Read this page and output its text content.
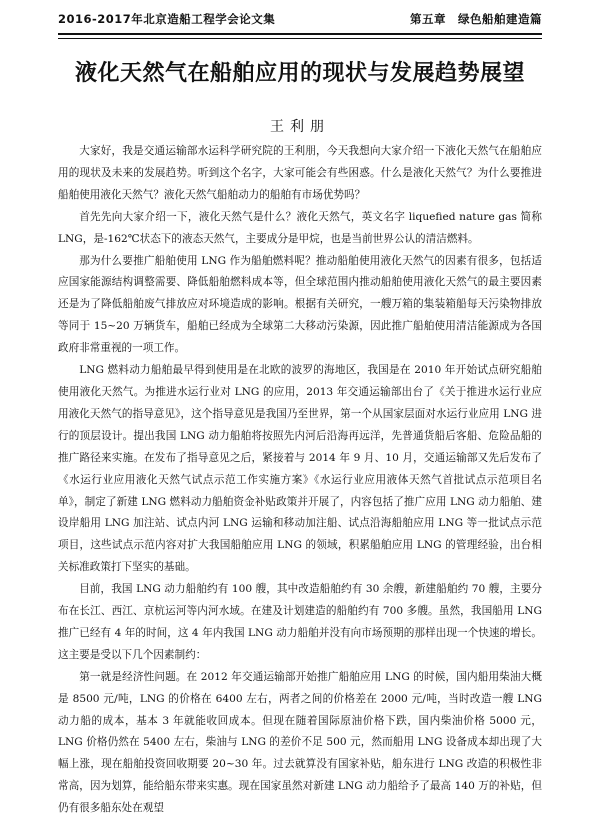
2016-2017年北京造船工程学会论文集	第五章　绿色船舶建造篇
液化天然气在船舶应用的现状与发展趋势展望
王利朋

大家好，我是交通运输部水运科学研究院的王利朋，今天我想向大家介绍一下液化天然气在船舶应用的现状及未来的发展趋势。听到这个名字，大家可能会有些困惑。什么是液化天然气？为什么要推进船舶使用液化天然气？液化天然气船舶动力的船舶有市场优势吗？

首先先向大家介绍一下，液化天然气是什么？液化天然气，英文名字 liquefied nature gas 简称 LNG，是-162℃状态下的液态天然气，主要成分是甲烷，也是当前世界公认的清洁燃料。

那为什么要推广船舶使用 LNG 作为船舶燃料呢？推动船舶使用液化天然气的因素有很多，包括适应国家能源结构调整需要、降低船舶燃料成本等，但全球范围内推动船舶使用液化天然气的最主要因素还是为了降低船舶废气排放应对环境造成的影响。根据有关研究，一艘万箱的集装箱船每天污染物排放等同于 15~20 万辆货车，船舶已经成为全球第二大移动污染源，因此推广船舶使用清洁能源成为各国政府非常重视的一项工作。

LNG 燃料动力船舶最早得到使用是在北欧的波罗的海地区，我国是在 2010 年开始试点研究船舶使用液化天然气。为推进水运行业对 LNG 的应用，2013 年交通运输部出台了《关于推进水运行业应用液化天然气的指导意见》，这个指导意见是我国乃至世界，第一个从国家层面对水运行业应用 LNG 进行的顶层设计。提出我国 LNG 动力船舶将按照先内河后沿海再远洋，先普通货船后客船、危险品船的推广路径来实施。在发布了指导意见之后，紧接着与 2014 年 9 月、10 月，交通运输部又先后发布了《水运行业应用液化天然气试点示范工作实施方案》《水运行业应用液体天然气首批试点示范项目名单》，制定了新建 LNG 燃料动力船舶资金补贴政策并开展了，内容包括了推广应用 LNG 动力船舶、建设岸船用 LNG 加注站、试点内河 LNG 运输和移动加注船、试点沿海船舶应用 LNG 等一批试点示范项目，这些试点示范内容对扩大我国船舶应用 LNG 的领域，积累船舶应用 LNG 的管理经验，出台相关标准政策打下坚实的基础。

目前，我国 LNG 动力船舶约有 100 艘，其中改造船舶约有 30 余艘，新建船舶约 70 艘，主要分布在长江、西江、京杭运河等内河水域。在建及计划建造的船舶约有 700 多艘。虽然，我国船用 LNG 推广已经有 4 年的时间，这 4 年内我国 LNG 动力船舶并没有向市场预期的那样出现一个快速的增长。这主要是受以下几个因素制约：

第一就是经济性问题。在 2012 年交通运输部开始推广船舶应用 LNG 的时候，国内船用柴油大概是 8500 元/吨，LNG 的价格在 6400 左右，两者之间的价格差在 2000 元/吨，当时改造一艘 LNG 动力船的成本，基本 3 年就能收回成本。但现在随着国际原油价格下跌，国内柴油价格 5000 元，LNG 价格仍然在 5400 左右，柴油与 LNG 的差价不足 500 元，然而船用 LNG 设备成本却出现了大幅上涨，现在船舶投资回收期要 20~30 年。过去就算没有国家补贴，船东进行 LNG 改造的积极性非常高，因为划算，能给船东带来实惠。现在国家虽然对新建 LNG 动力船给予了最高 140 万的补贴，但仍有很多船东处在观望
